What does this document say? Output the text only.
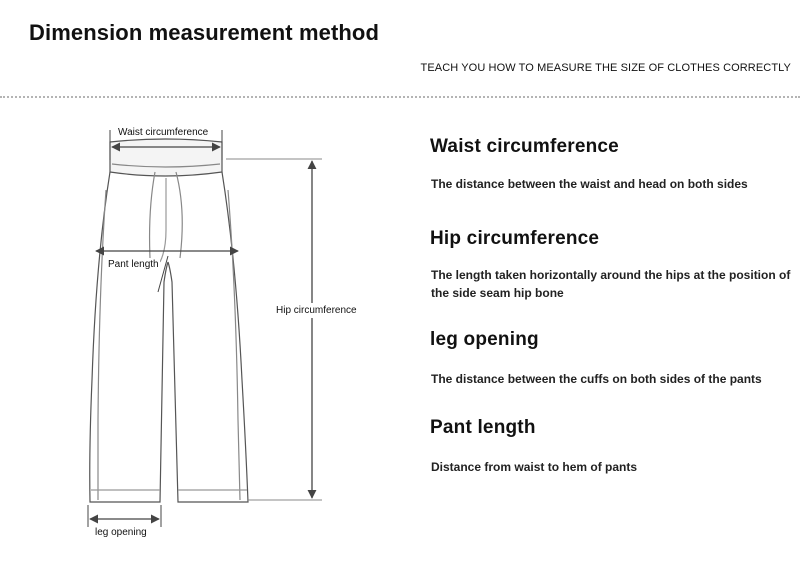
Dimension measurement method
TEACH YOU HOW TO MEASURE THE SIZE OF CLOTHES CORRECTLY
Waist circumference
Pant length
Hip circumference
leg opening
Waist circumference
The distance between the waist and head on both sides
Hip circumference
The length taken horizontally around the hips at the position of the side seam hip bone
leg opening
The distance between the cuffs on both sides of the pants
Pant length
Distance from waist to hem of pants
